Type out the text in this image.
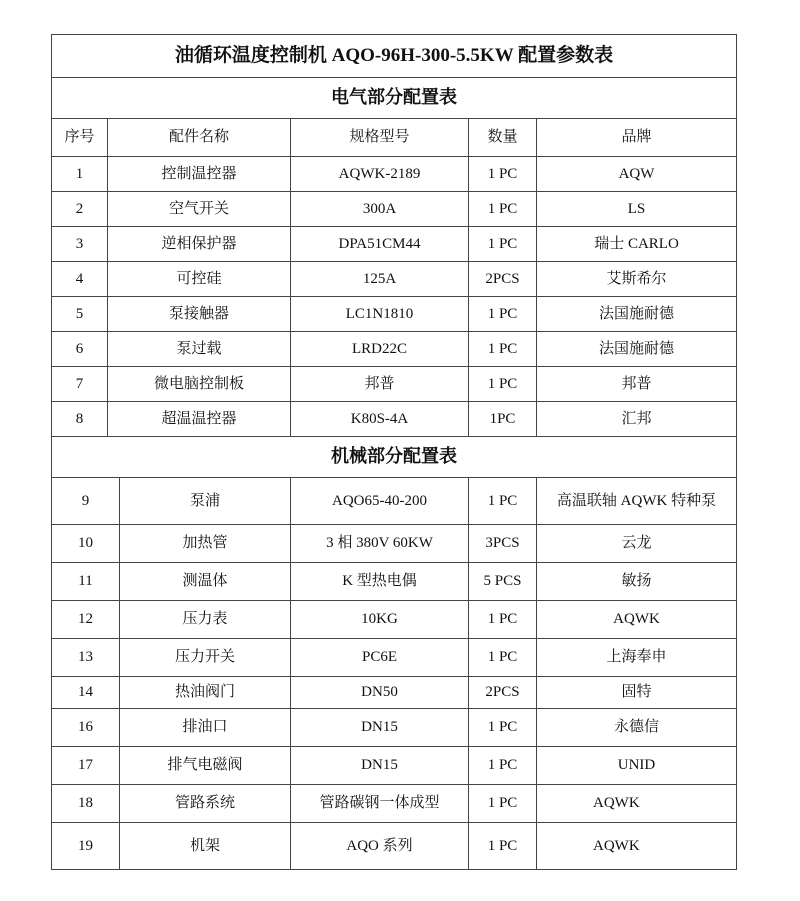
油循环温度控制机 AQO-96H-300-5.5KW 配置参数表					
电气部分配置表					
序号	配件名称		规格型号	数量	品牌
1	控制温控器		AQWK-2189	1 PC	AQW
2	空气开关		300A	1 PC	LS
3	逆相保护器		DPA51CM44	1 PC	瑞士 CARLO
4	可控硅		125A	2PCS	艾斯希尔
5	泵接触器		LC1N1810	1 PC	法国施耐德
6	泵过载		LRD22C	1 PC	法国施耐德
7	微电脑控制板		邦普	1 PC	邦普
8	超温温控器		K80S-4A	1PC	汇邦
机械部分配置表					
9		泵浦	AQO65-40-200	1 PC	高温联轴 AQWK 特种泵
10		加热管	3 相 380V 60KW	3PCS	云龙
11		测温体	K 型热电偶	5 PCS	敏扬
12		压力表	10KG	1 PC	AQWK
13		压力开关	PC6E	1 PC	上海奉申
14		热油阀门	DN50	2PCS	固特
16		排油口	DN15	1 PC	永德信
17		排气电磁阀	DN15	1 PC	UNID
18		管路系统	管路碳钢一体成型	1 PC	AQWK
19		机架	AQO 系列	1 PC	AQWK
